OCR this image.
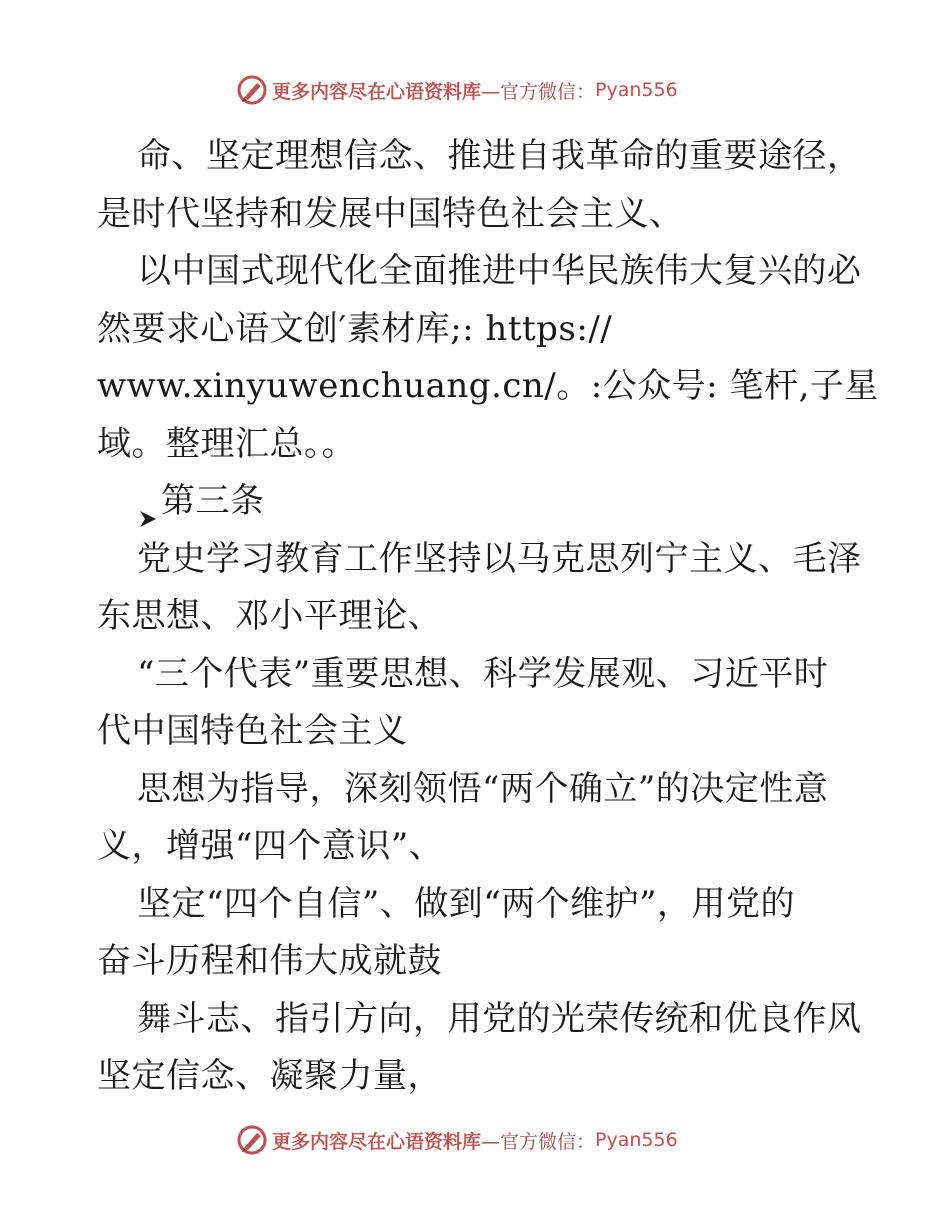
更多内容尽在心语资料库 —官方微信： Pyan556
命、坚定理想信念、推进自我革命的重要途径，
是时代坚持和发展中国特色社会主义、
以中国式现代化全面推进中华民族伟大复兴的必
然要求心语文创′素材库;: https://
www.xinyuwenchuang.cn/。:公众号: 笔杆,子星
域。整理汇总。。
第三条
党史学习教育工作坚持以马克思列宁主义、毛泽
东思想、邓小平理论、
“三个代表”重要思想、科学发展观、习近平时
代中国特色社会主义
思想为指导，深刻领悟“两个确立”的决定性意
义，增强“四个意识”、
坚定“四个自信”、做到“两个维护”，用党的
奋斗历程和伟大成就鼓
舞斗志、指引方向，用党的光荣传统和优良作风
坚定信念、凝聚力量，
更多内容尽在心语资料库 —官方微信： Pyan556
